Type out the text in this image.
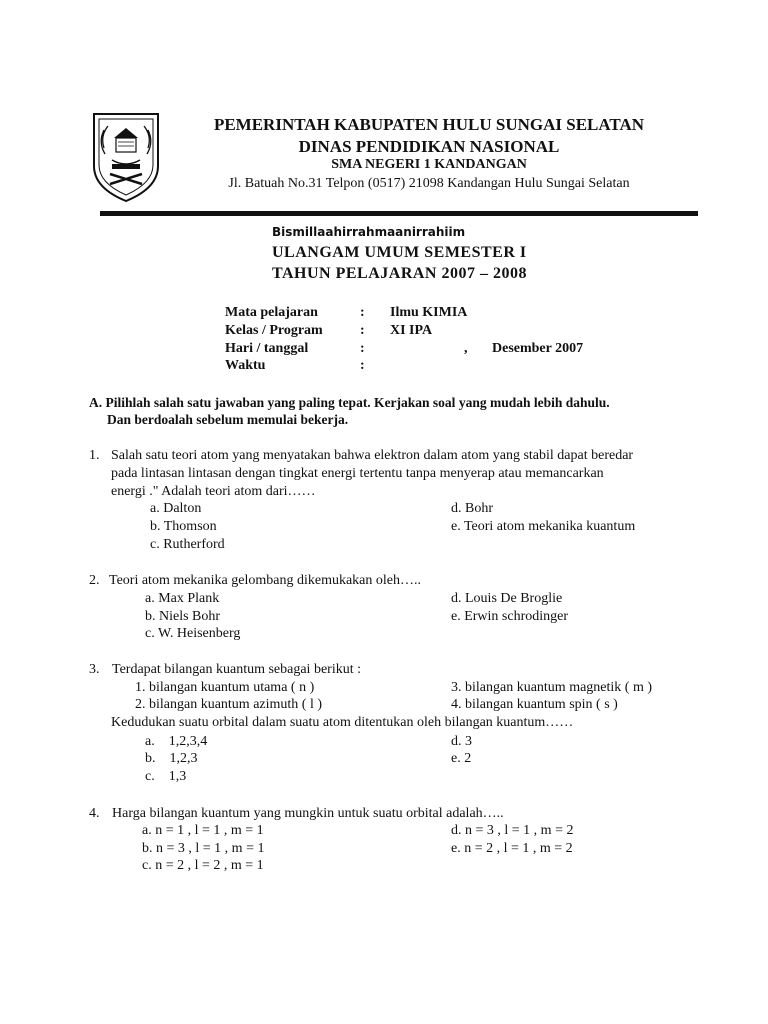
PEMERINTAH KABUPATEN HULU SUNGAI SELATAN
DINAS PENDIDIKAN NASIONAL
SMA NEGERI 1 KANDANGAN
Jl. Batuah No.31 Telpon (0517) 21098 Kandangan Hulu Sungai Selatan
Bismillaahirrahmaanirrahiim
ULANGAM UMUM SEMESTER I
TAHUN PELAJARAN 2007 – 2008
Mata pelajaran	: Ilmu KIMIA
Kelas / Program	: XI IPA
Hari / tanggal	:	,       Desember 2007
Waktu	:
A. Pilihlah salah satu jawaban yang paling tepat. Kerjakan soal yang mudah lebih dahulu.
Dan berdoalah sebelum memulai bekerja.
1. Salah satu teori atom yang menyatakan bahwa elektron dalam atom yang stabil dapat beredar
pada lintasan lintasan dengan tingkat energi tertentu tanpa menyerap atau memancarkan
energi ." Adalah teori atom dari……
a. Dalton
b. Thomson
c. Rutherford
d. Bohr
e. Teori atom mekanika kuantum
2. Teori atom mekanika gelombang dikemukakan oleh…..
a. Max Plank
b. Niels Bohr
c. W. Heisenberg
d. Louis De Broglie
e. Erwin schrodinger
3. Terdapat bilangan kuantum sebagai berikut :
1. bilangan kuantum utama ( n )
2. bilangan kuantum azimuth ( l )
3. bilangan kuantum magnetik ( m )
4. bilangan kuantum spin ( s )
Kedudukan suatu orbital dalam suatu atom ditentukan oleh bilangan kuantum……
a.    1,2,3,4
b.    1,2,3
c.    1,3
d. 3
e. 2
4. Harga bilangan kuantum yang mungkin untuk suatu orbital adalah…..
a. n = 1 , l = 1 , m = 1
b. n = 3 , l = 1 , m = 1
c. n = 2 , l = 2 , m = 1
d. n = 3 , l = 1 , m = 2
e. n = 2 , l = 1 , m = 2
